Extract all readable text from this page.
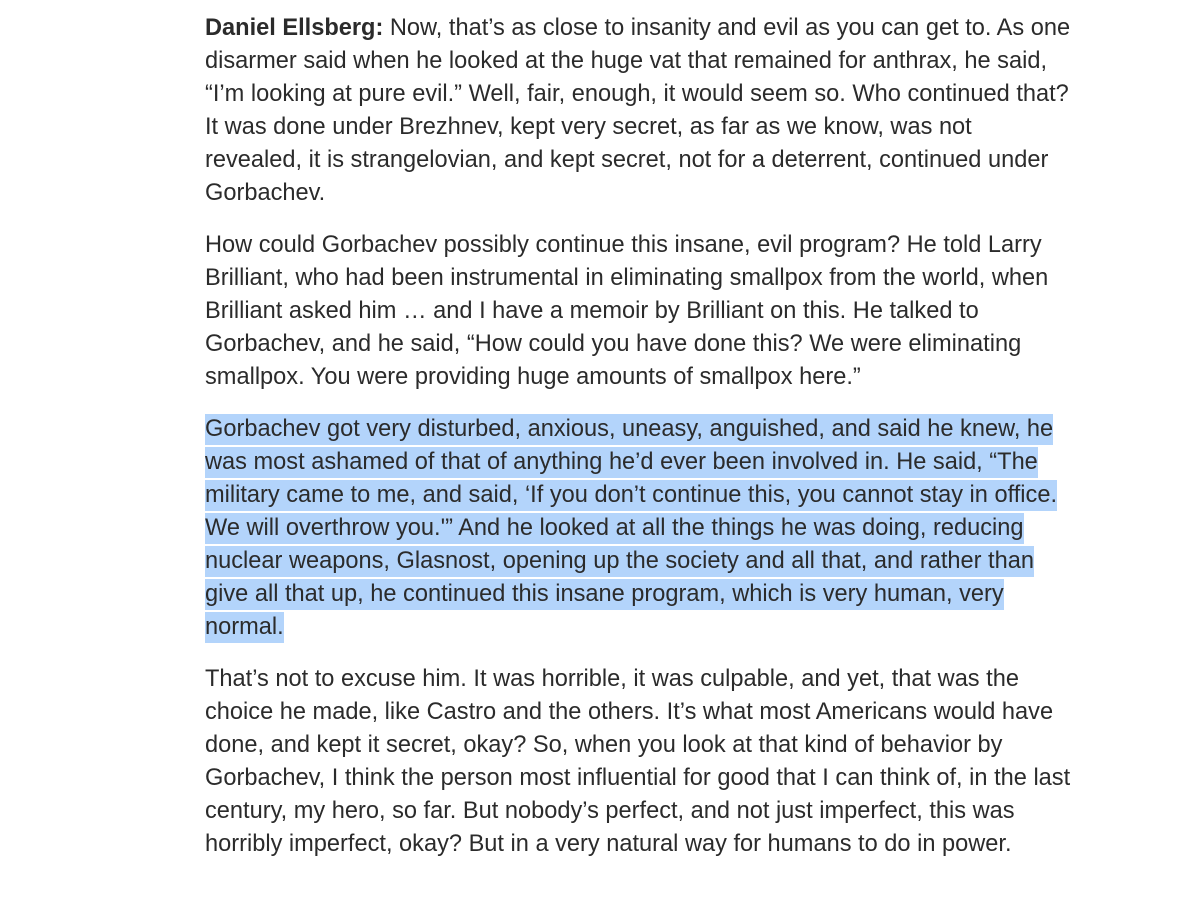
Daniel Ellsberg: Now, that’s as close to insanity and evil as you can get to. As one disarmer said when he looked at the huge vat that remained for anthrax, he said, “I’m looking at pure evil.” Well, fair, enough, it would seem so. Who continued that? It was done under Brezhnev, kept very secret, as far as we know, was not revealed, it is strangelovian, and kept secret, not for a deterrent, continued under Gorbachev.

How could Gorbachev possibly continue this insane, evil program? He told Larry Brilliant, who had been instrumental in eliminating smallpox from the world, when Brilliant asked him … and I have a memoir by Brilliant on this. He talked to Gorbachev, and he said, “How could you have done this? We were eliminating smallpox. You were providing huge amounts of smallpox here.”

Gorbachev got very disturbed, anxious, uneasy, anguished, and said he knew, he was most ashamed of that of anything he’d ever been involved in. He said, “The military came to me, and said, ‘If you don’t continue this, you cannot stay in office. We will overthrow you.'” And he looked at all the things he was doing, reducing nuclear weapons, Glasnost, opening up the society and all that, and rather than give all that up, he continued this insane program, which is very human, very normal.

That’s not to excuse him. It was horrible, it was culpable, and yet, that was the choice he made, like Castro and the others. It’s what most Americans would have done, and kept it secret, okay? So, when you look at that kind of behavior by Gorbachev, I think the person most influential for good that I can think of, in the last century, my hero, so far. But nobody’s perfect, and not just imperfect, this was horribly imperfect, okay? But in a very natural way for humans to do in power.
